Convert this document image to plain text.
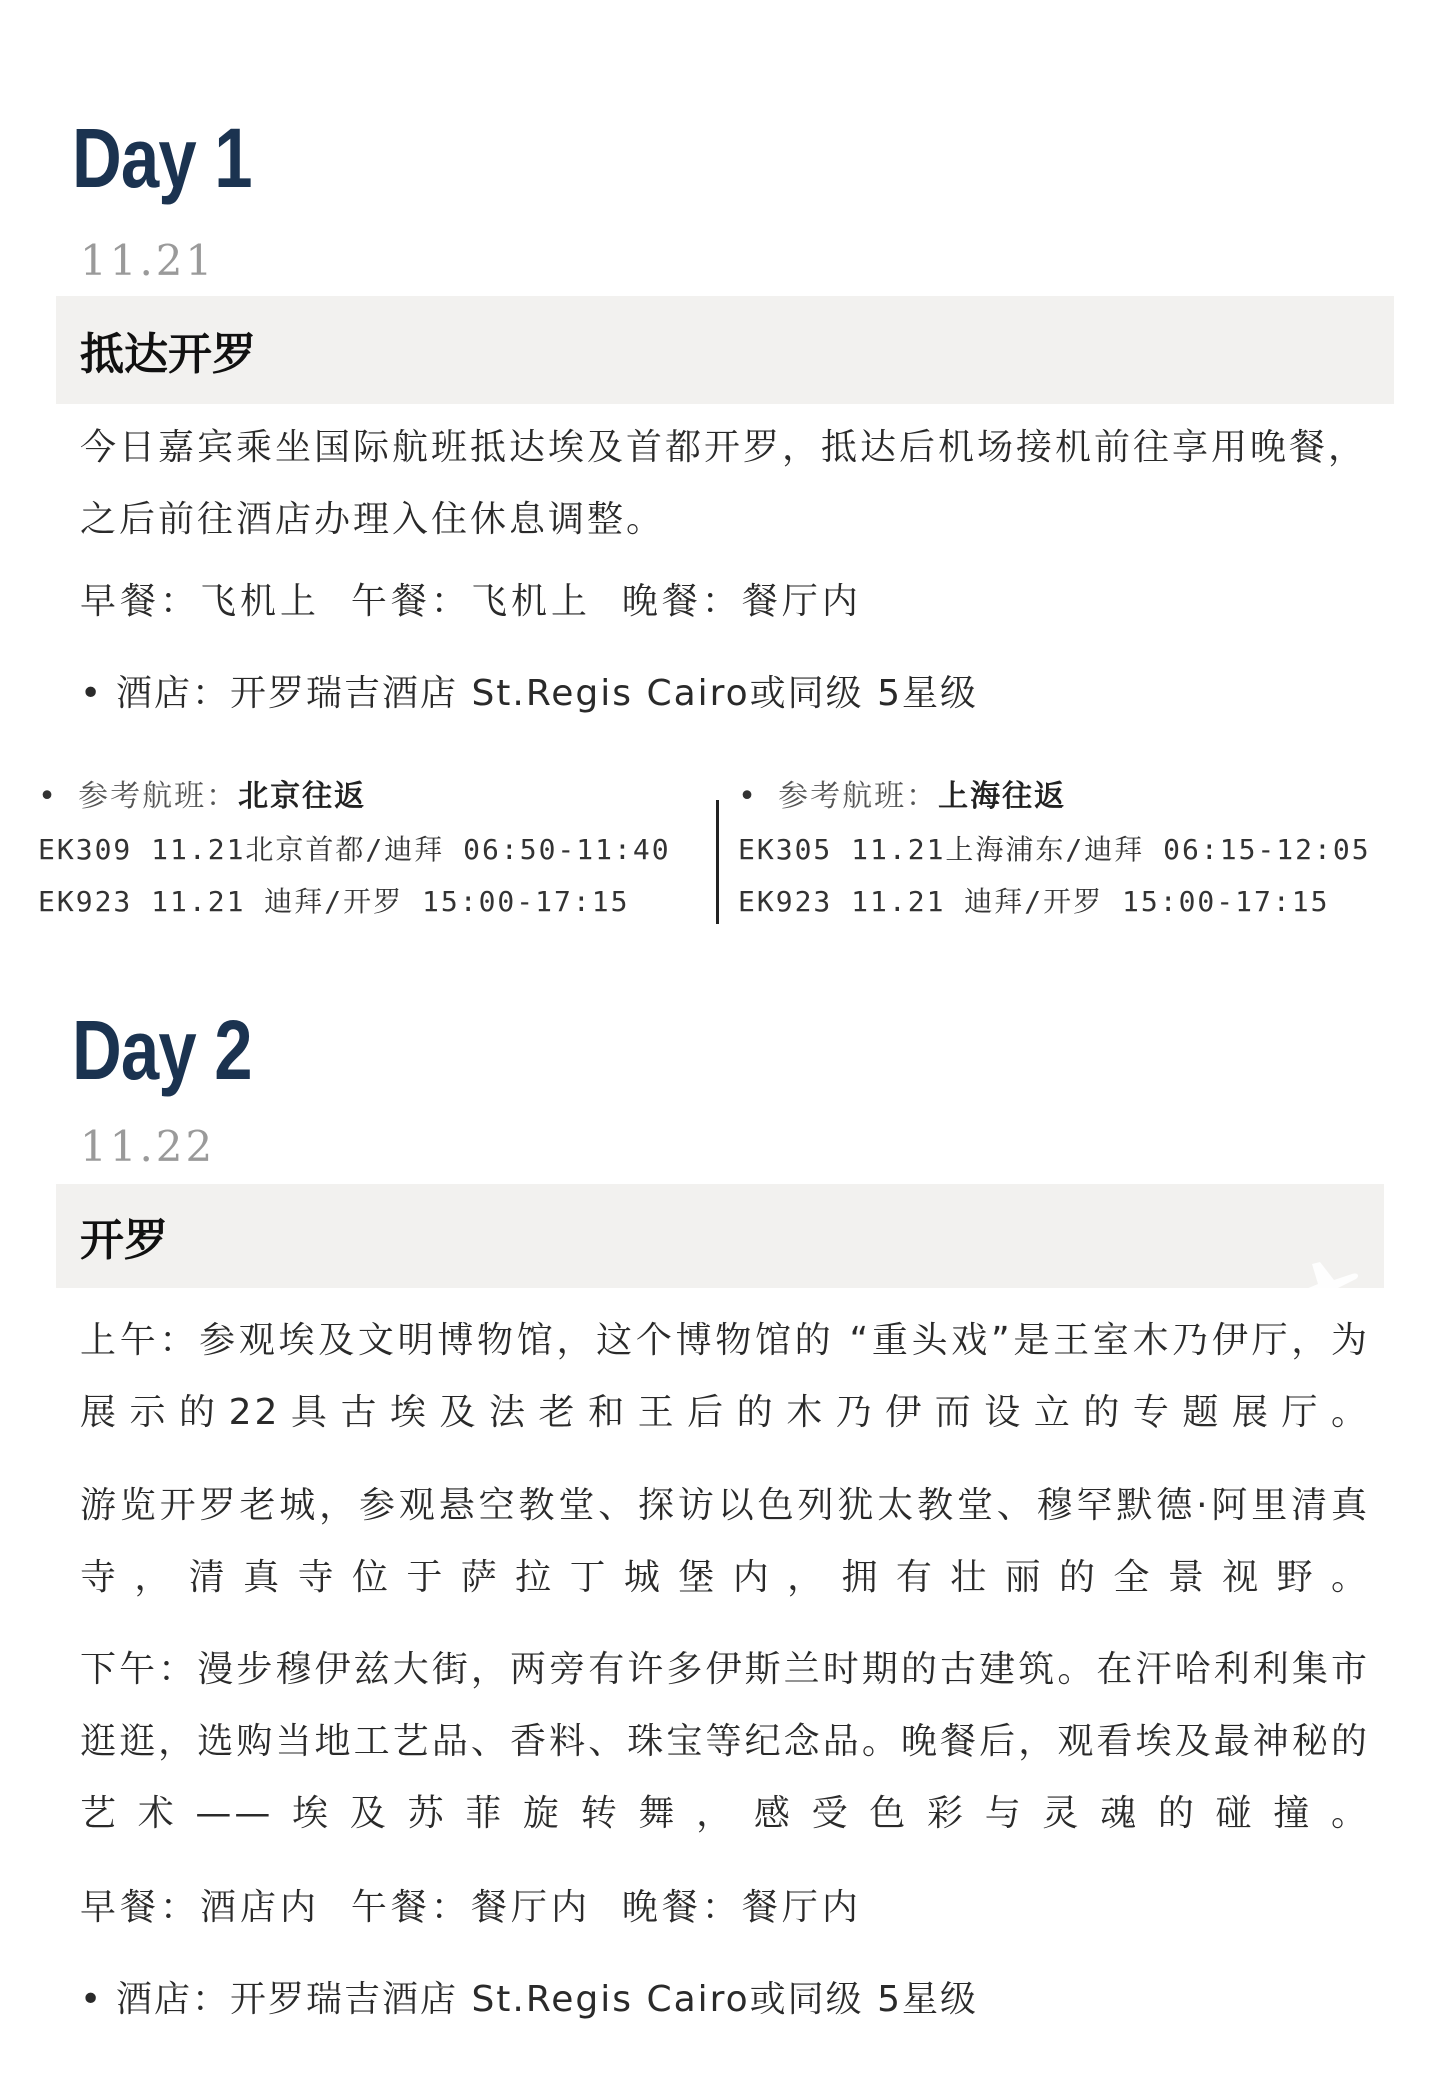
Day 1
11.21
抵达开罗

今日嘉宾乘坐国际航班抵达埃及首都开罗，抵达后机场接机前往享用晚餐，之后前往酒店办理入住休息调整。

早餐：飞机上 午餐：飞机上 晚餐：餐厅内
• 酒店：开罗瑞吉酒店 St.Regis Cairo或同级 5星级
• 参考航班：北京往返
EK309 11.21北京首都/迪拜 06:50-11:40
EK923 11.21 迪拜/开罗 15:00-17:15
• 参考航班：上海往返
EK305 11.21上海浦东/迪拜 06:15-12:05
EK923 11.21 迪拜/开罗 15:00-17:15
Day 2
11.22
开罗

上午：参观埃及文明博物馆，这个博物馆的 “重头戏”是王室木乃伊厅，为展示的22具古埃及法老和王后的木乃伊而设立的专题展厅。

游览开罗老城，参观悬空教堂、探访以色列犹太教堂、穆罕默德·阿里清真寺，清真寺位于萨拉丁城堡内，拥有壮丽的全景视野。

下午：漫步穆伊兹大街，两旁有许多伊斯兰时期的古建筑。在汗哈利利集市逛逛，选购当地工艺品、香料、珠宝等纪念品。晚餐后，观看埃及最神秘的艺术——埃及苏菲旋转舞，感受色彩与灵魂的碰撞。

早餐：酒店内 午餐：餐厅内 晚餐：餐厅内
• 酒店：开罗瑞吉酒店 St.Regis Cairo或同级 5星级
